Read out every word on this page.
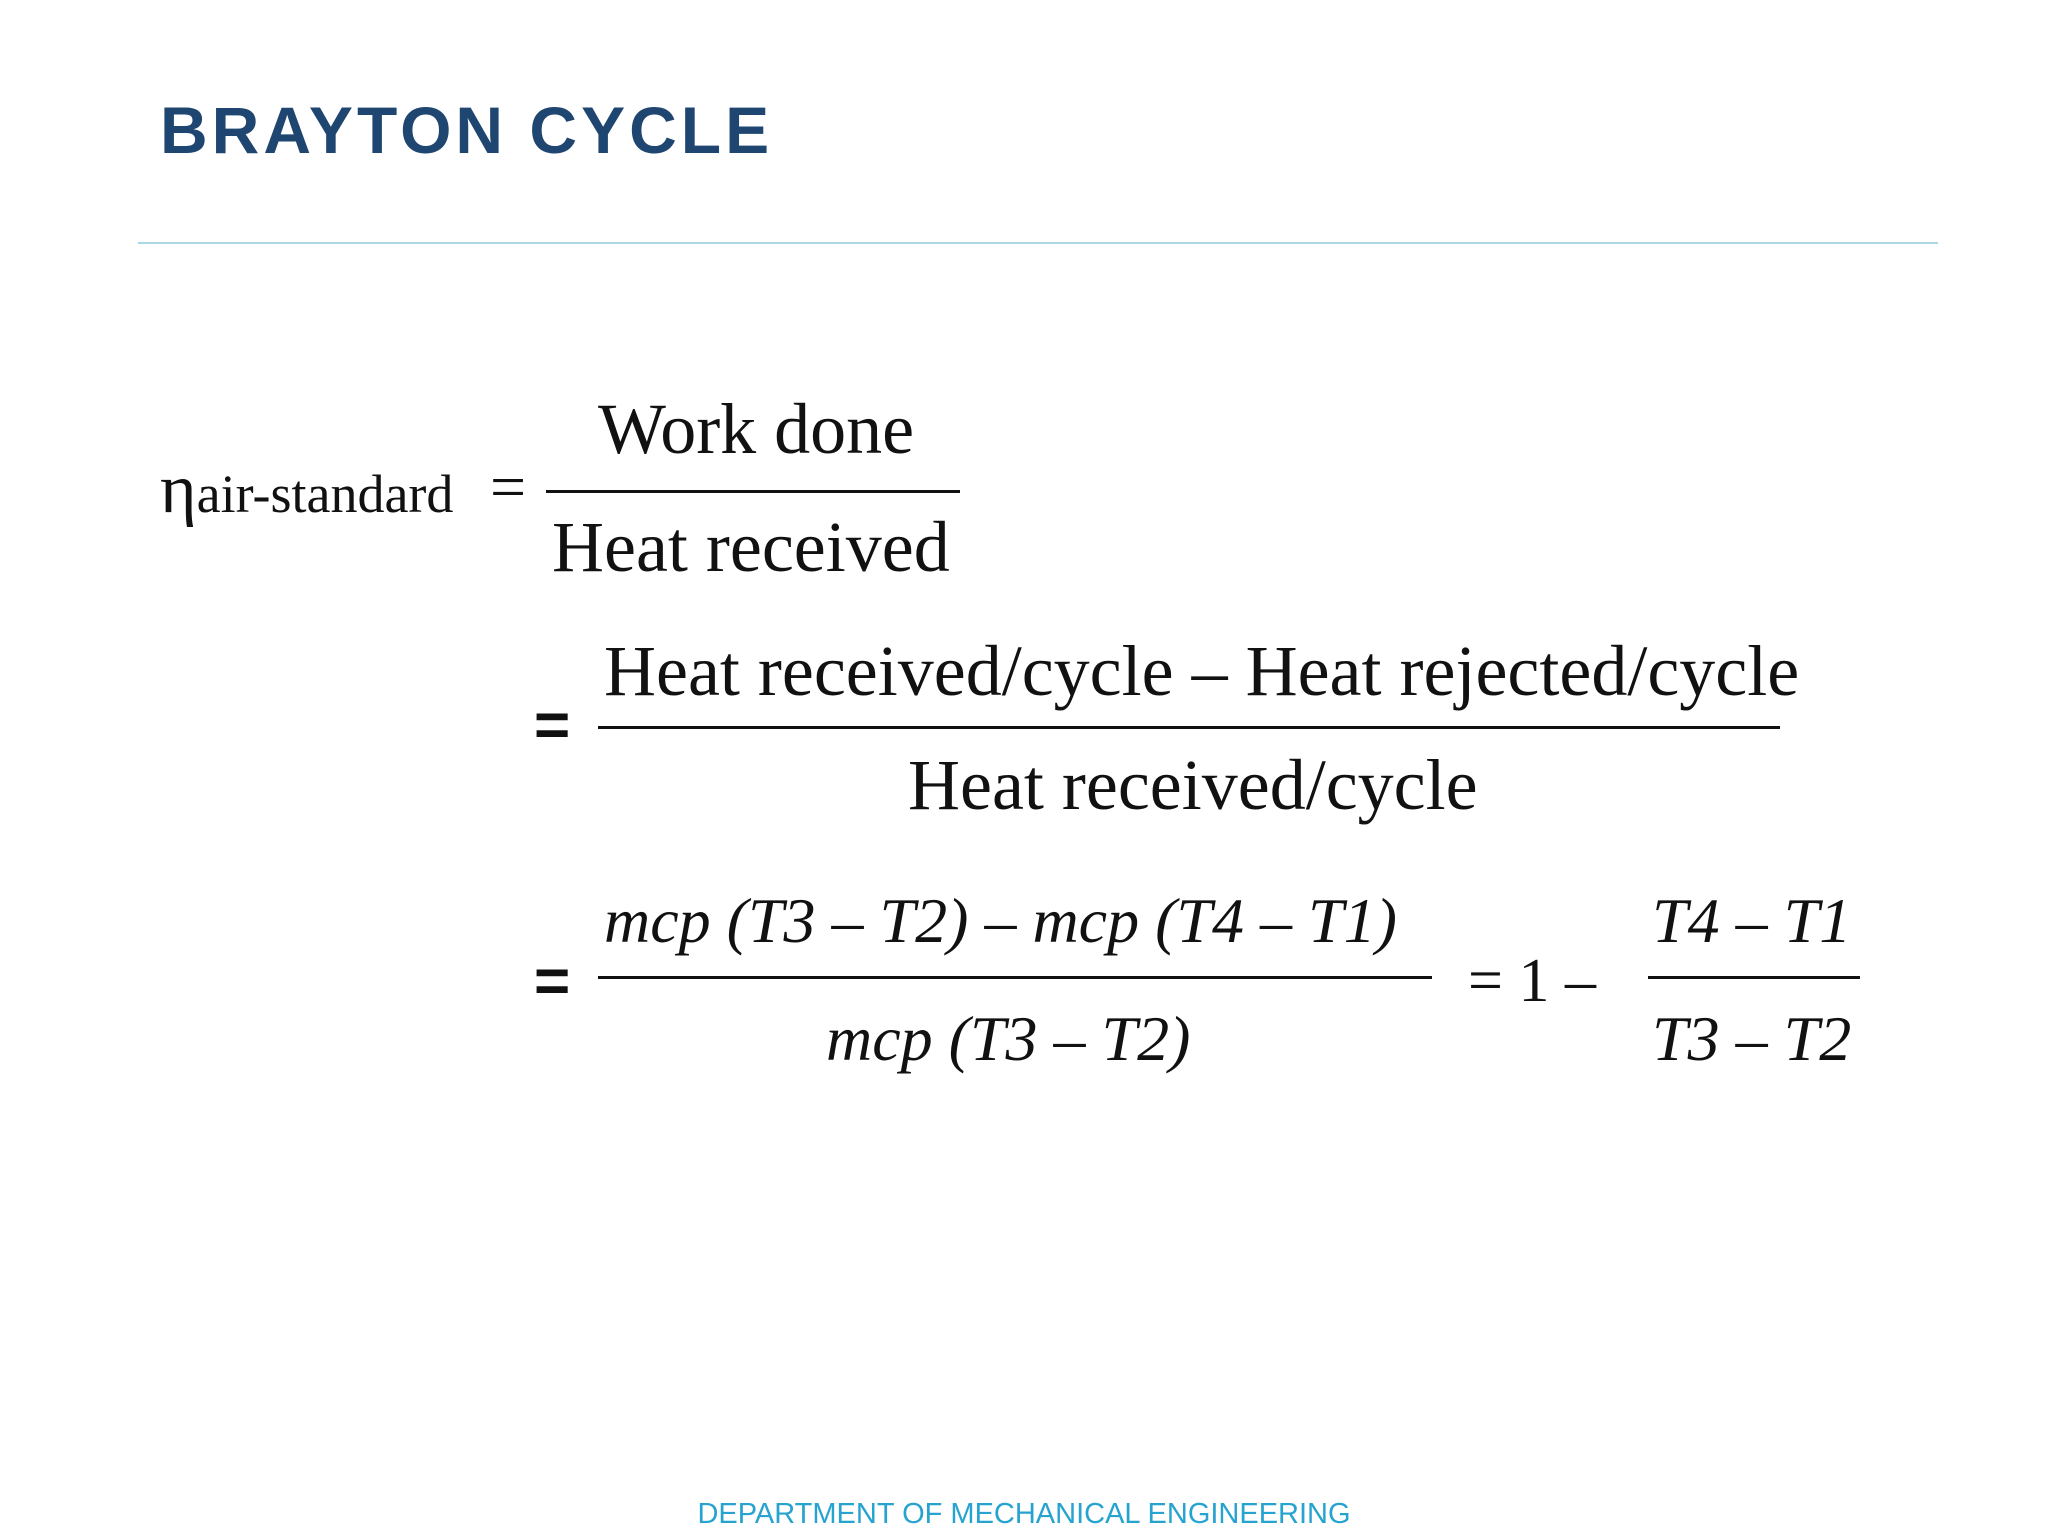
BRAYTON CYCLE
ηair-standard =
Work done
Heat received
=
Heat received/cycle – Heat rejected/cycle
Heat received/cycle
=
mcp (T3 – T2) – mcp (T4 – T1)
mcp (T3 – T2)
= 1 –
T4 – T1
T3 – T2
DEPARTMENT OF MECHANICAL ENGINEERING
